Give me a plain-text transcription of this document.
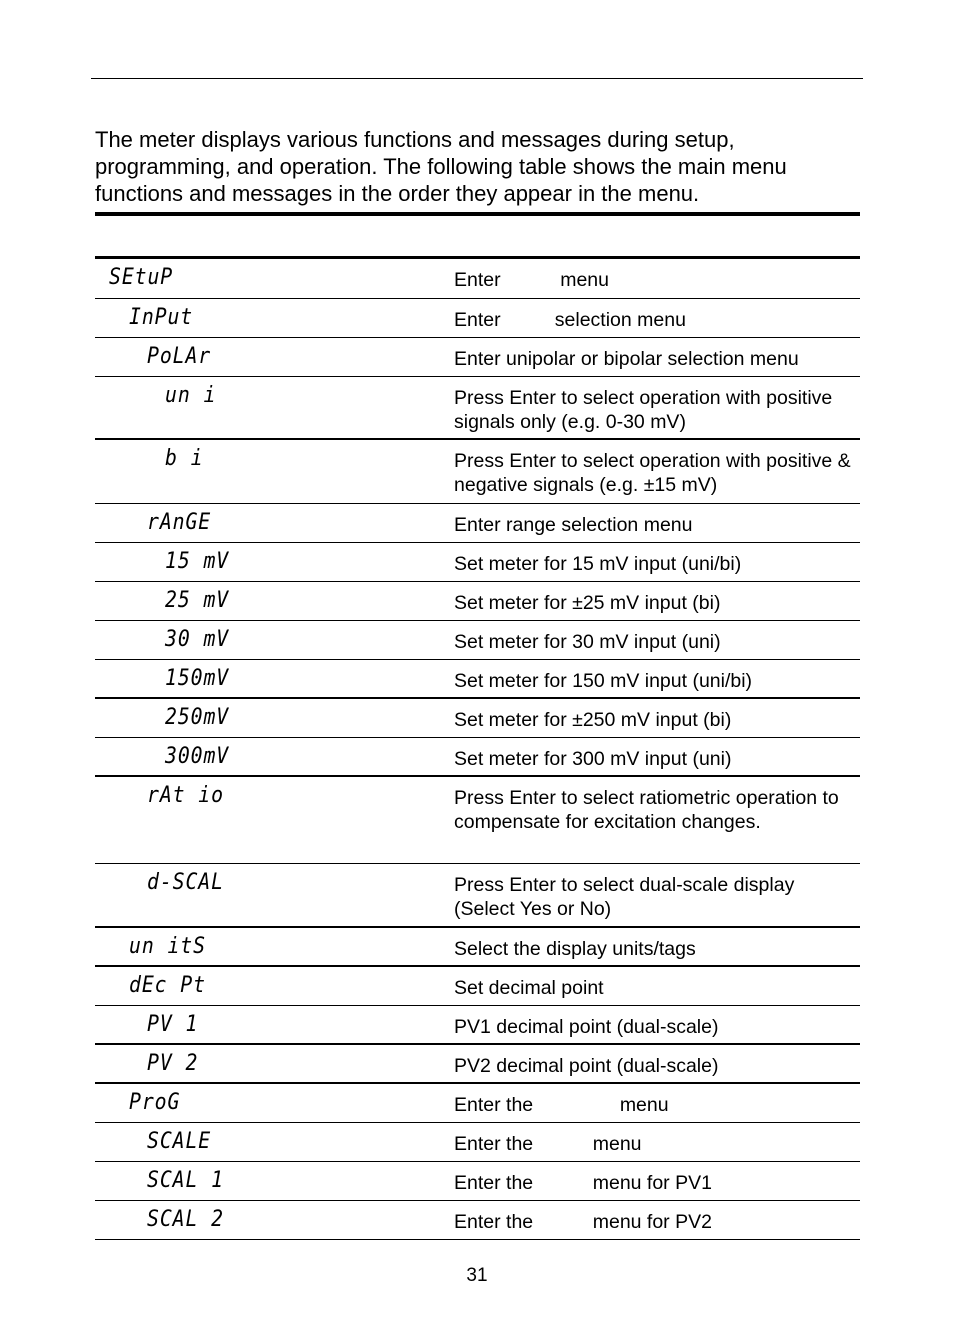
The meter displays various functions and messages during setup, programming, and operation. The following table shows the main menu functions and messages in the order they appear in the menu.

SEtuP	Enter           menu
InPut	Enter          selection menu
PoLAr	Enter unipolar or bipolar selection menu
un i	Press Enter to select operation with positive signals only (e.g. 0-30 mV)
b i	Press Enter to select operation with positive & negative signals (e.g. ±15 mV)
rAnGE	Enter range selection menu
15 mV	Set meter for 15 mV input (uni/bi)
25 mV	Set meter for ±25 mV input (bi)
30 mV	Set meter for 30 mV input (uni)
150mV	Set meter for 150 mV input (uni/bi)
250mV	Set meter for ±250 mV input (bi)
300mV	Set meter for 300 mV input (uni)
rAt io	Press Enter to select ratiometric operation to compensate for excitation changes.
d-SCAL	Press Enter to select dual-scale display (Select Yes or No)
un itS	Select the display units/tags
dEc Pt	Set decimal point
PV 1	PV1 decimal point (dual-scale)
PV 2	PV2 decimal point (dual-scale)
ProG	Enter the                menu
SCALE	Enter the           menu
SCAL 1	Enter the           menu for PV1
SCAL 2	Enter the           menu for PV2
31
